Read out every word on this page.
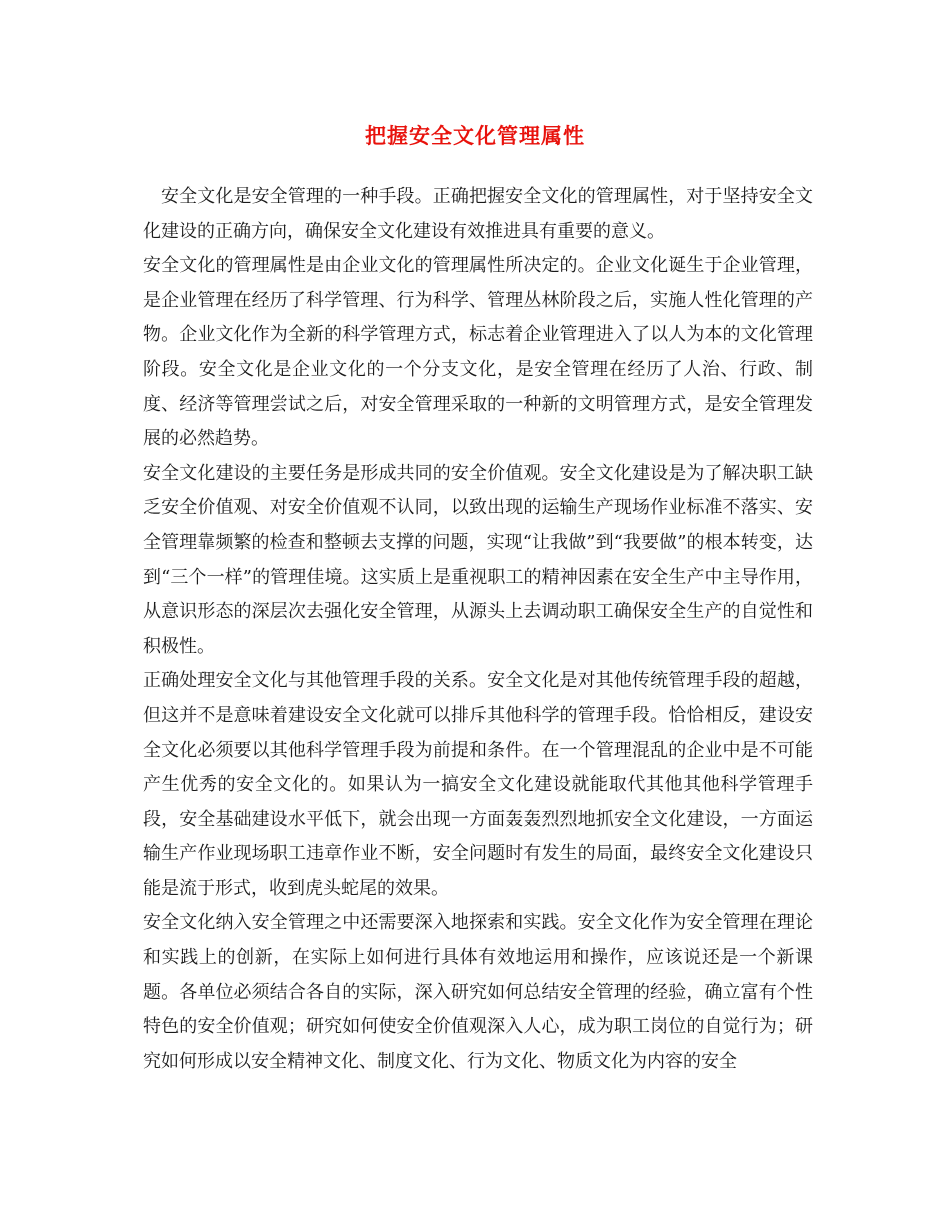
把握安全文化管理属性

安全文化是安全管理的一种手段。正确把握安全文化的管理属性，对于坚持安全文化建设的正确方向，确保安全文化建设有效推进具有重要的意义。

安全文化的管理属性是由企业文化的管理属性所决定的。企业文化诞生于企业管理，是企业管理在经历了科学管理、行为科学、管理丛林阶段之后，实施人性化管理的产物。企业文化作为全新的科学管理方式，标志着企业管理进入了以人为本的文化管理阶段。安全文化是企业文化的一个分支文化，是安全管理在经历了人治、行政、制度、经济等管理尝试之后，对安全管理采取的一种新的文明管理方式，是安全管理发展的必然趋势。

安全文化建设的主要任务是形成共同的安全价值观。安全文化建设是为了解决职工缺乏安全价值观、对安全价值观不认同，以致出现的运输生产现场作业标准不落实、安全管理靠频繁的检查和整顿去支撑的问题，实现“让我做”到“我要做”的根本转变，达到“三个一样”的管理佳境。这实质上是重视职工的精神因素在安全生产中主导作用，从意识形态的深层次去强化安全管理，从源头上去调动职工确保安全生产的自觉性和积极性。

正确处理安全文化与其他管理手段的关系。安全文化是对其他传统管理手段的超越，但这并不是意味着建设安全文化就可以排斥其他科学的管理手段。恰恰相反，建设安全文化必须要以其他科学管理手段为前提和条件。在一个管理混乱的企业中是不可能产生优秀的安全文化的。如果认为一搞安全文化建设就能取代其他其他科学管理手段，安全基础建设水平低下，就会出现一方面轰轰烈烈地抓安全文化建设，一方面运输生产作业现场职工违章作业不断，安全问题时有发生的局面，最终安全文化建设只能是流于形式，收到虎头蛇尾的效果。

安全文化纳入安全管理之中还需要深入地探索和实践。安全文化作为安全管理在理论和实践上的创新，在实际上如何进行具体有效地运用和操作，应该说还是一个新课题。各单位必须结合各自的实际，深入研究如何总结安全管理的经验，确立富有个性特色的安全价值观；研究如何使安全价值观深入人心，成为职工岗位的自觉行为；研究如何形成以安全精神文化、制度文化、行为文化、物质文化为内容的安全
